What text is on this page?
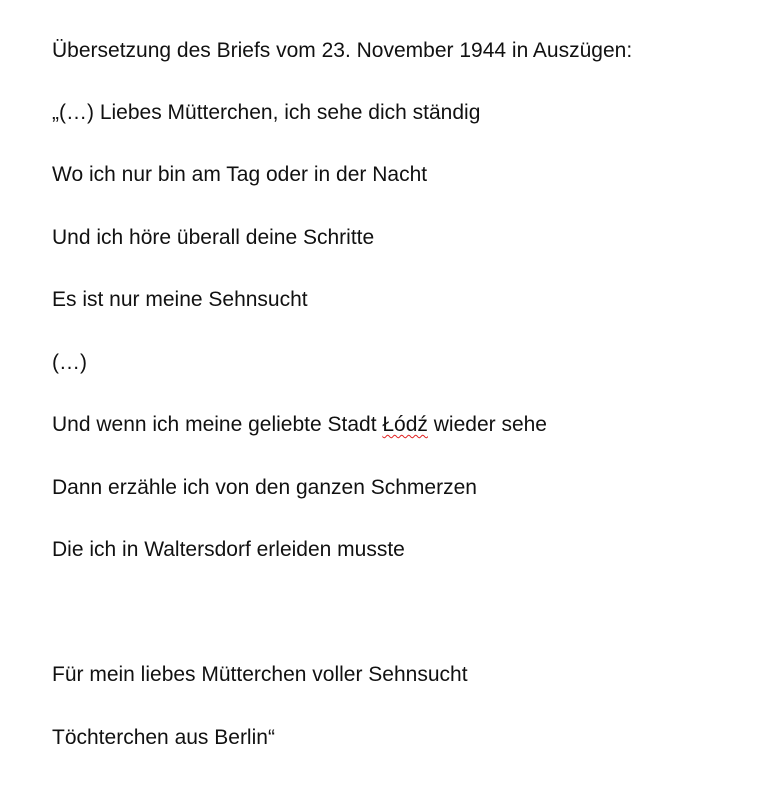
Übersetzung des Briefs vom 23. November 1944 in Auszügen:
„(…) Liebes Mütterchen, ich sehe dich ständig
Wo ich nur bin am Tag oder in der Nacht
Und ich höre überall deine Schritte
Es ist nur meine Sehnsucht
(…)
Und wenn ich meine geliebte Stadt Łódź wieder sehe
Dann erzähle ich von den ganzen Schmerzen
Die ich in Waltersdorf erleiden musste
Für mein liebes Mütterchen voller Sehnsucht
Töchterchen aus Berlin“
